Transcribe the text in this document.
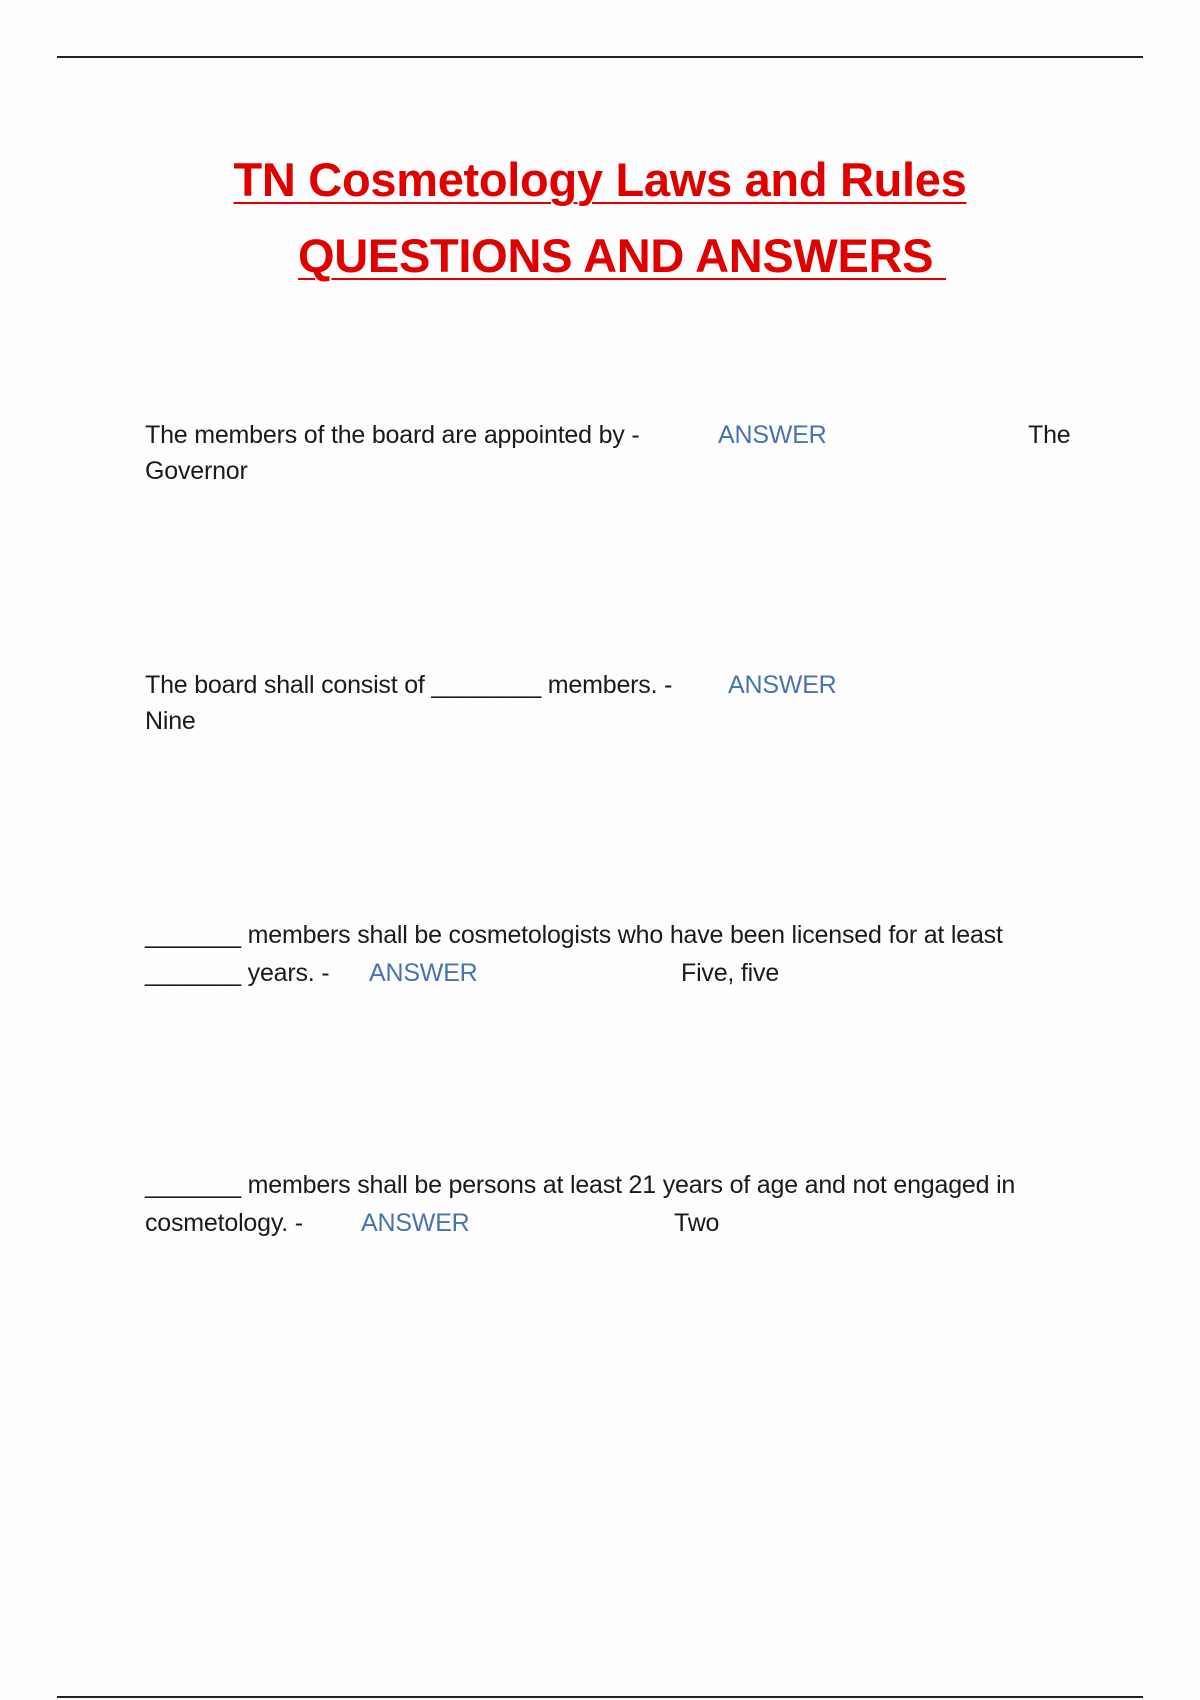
TN Cosmetology Laws and Rules
QUESTIONS AND ANSWERS
The members of the board are appointed by -	ANSWER	The
Governor
The board shall consist of ________ members. - ANSWER
Nine
_______ members shall be cosmetologists who have been licensed for at least
_______ years. - ANSWER	Five, five
_______ members shall be persons at least 21 years of age and not engaged in
cosmetology. - ANSWER	Two
